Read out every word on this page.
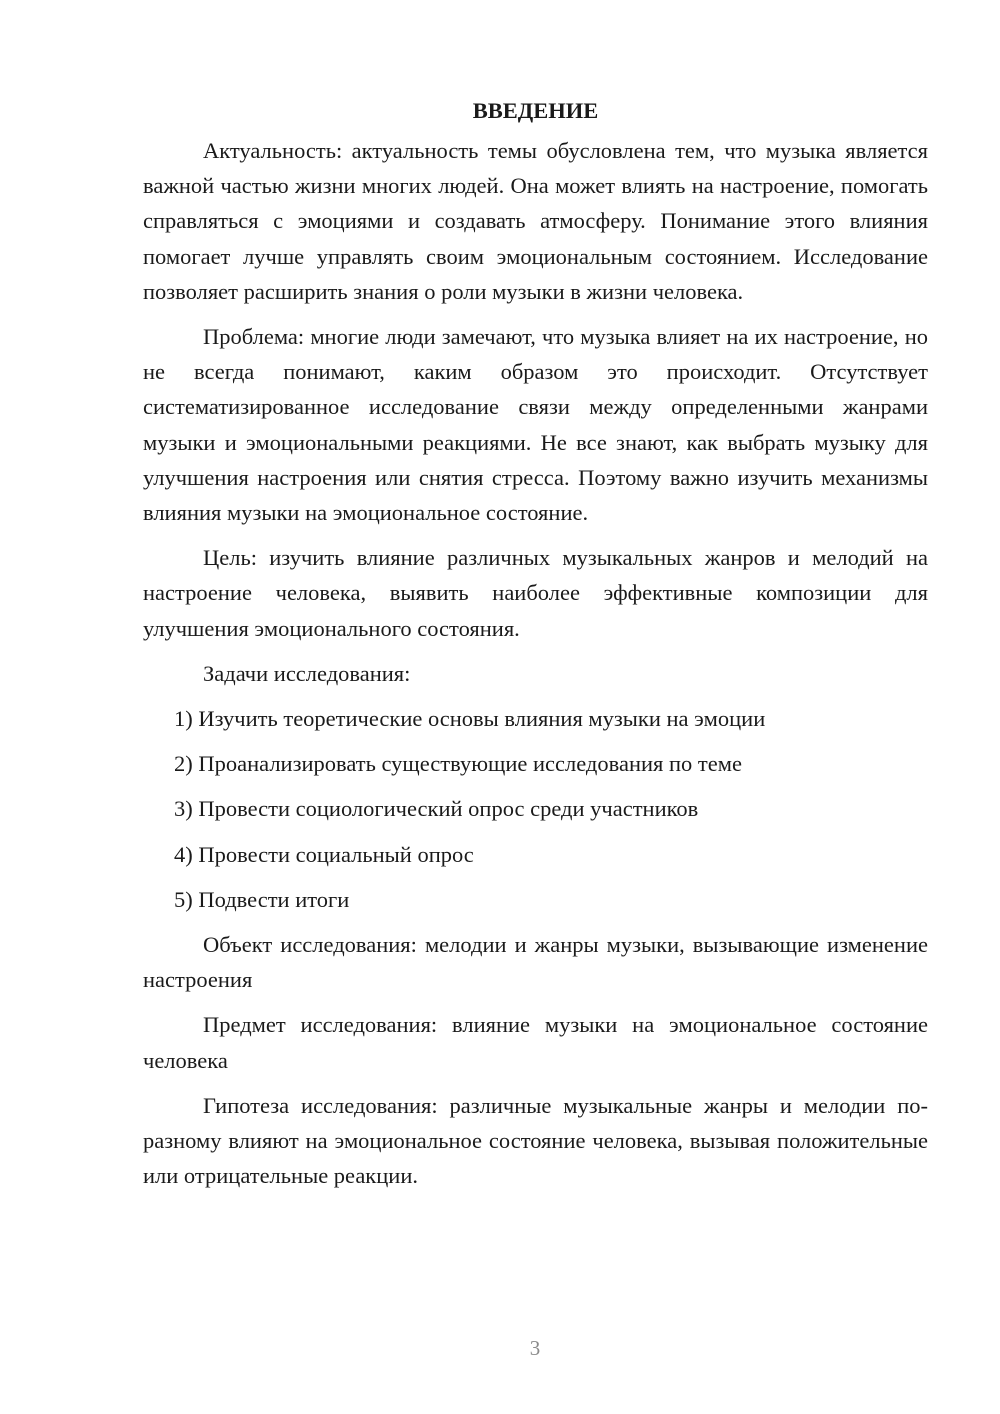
ВВЕДЕНИЕ

Актуальность: актуальность темы обусловлена тем, что музыка является важной частью жизни многих людей. Она может влиять на настроение, помогать справляться с эмоциями и создавать атмосферу. Понимание этого влияния помогает лучше управлять своим эмоциональным состоянием. Исследование позволяет расширить знания о роли музыки в жизни человека.

Проблема: многие люди замечают, что музыка влияет на их настроение, но не всегда понимают, каким образом это происходит. Отсутствует систематизированное исследование связи между определенными жанрами музыки и эмоциональными реакциями. Не все знают, как выбрать музыку для улучшения настроения или снятия стресса. Поэтому важно изучить механизмы влияния музыки на эмоциональное состояние.

Цель: изучить влияние различных музыкальных жанров и мелодий на настроение человека, выявить наиболее эффективные композиции для улучшения эмоционального состояния.

Задачи исследования:

1) Изучить теоретические основы влияния музыки на эмоции
2) Проанализировать существующие исследования по теме
3) Провести социологический опрос среди участников
4) Провести социальный опрос
5) Подвести итоги

Объект исследования: мелодии и жанры музыки, вызывающие изменение настроения

Предмет исследования: влияние музыки на эмоциональное состояние человека

Гипотеза исследования: различные музыкальные жанры и мелодии по-разному влияют на эмоциональное состояние человека, вызывая положительные или отрицательные реакции.

3
